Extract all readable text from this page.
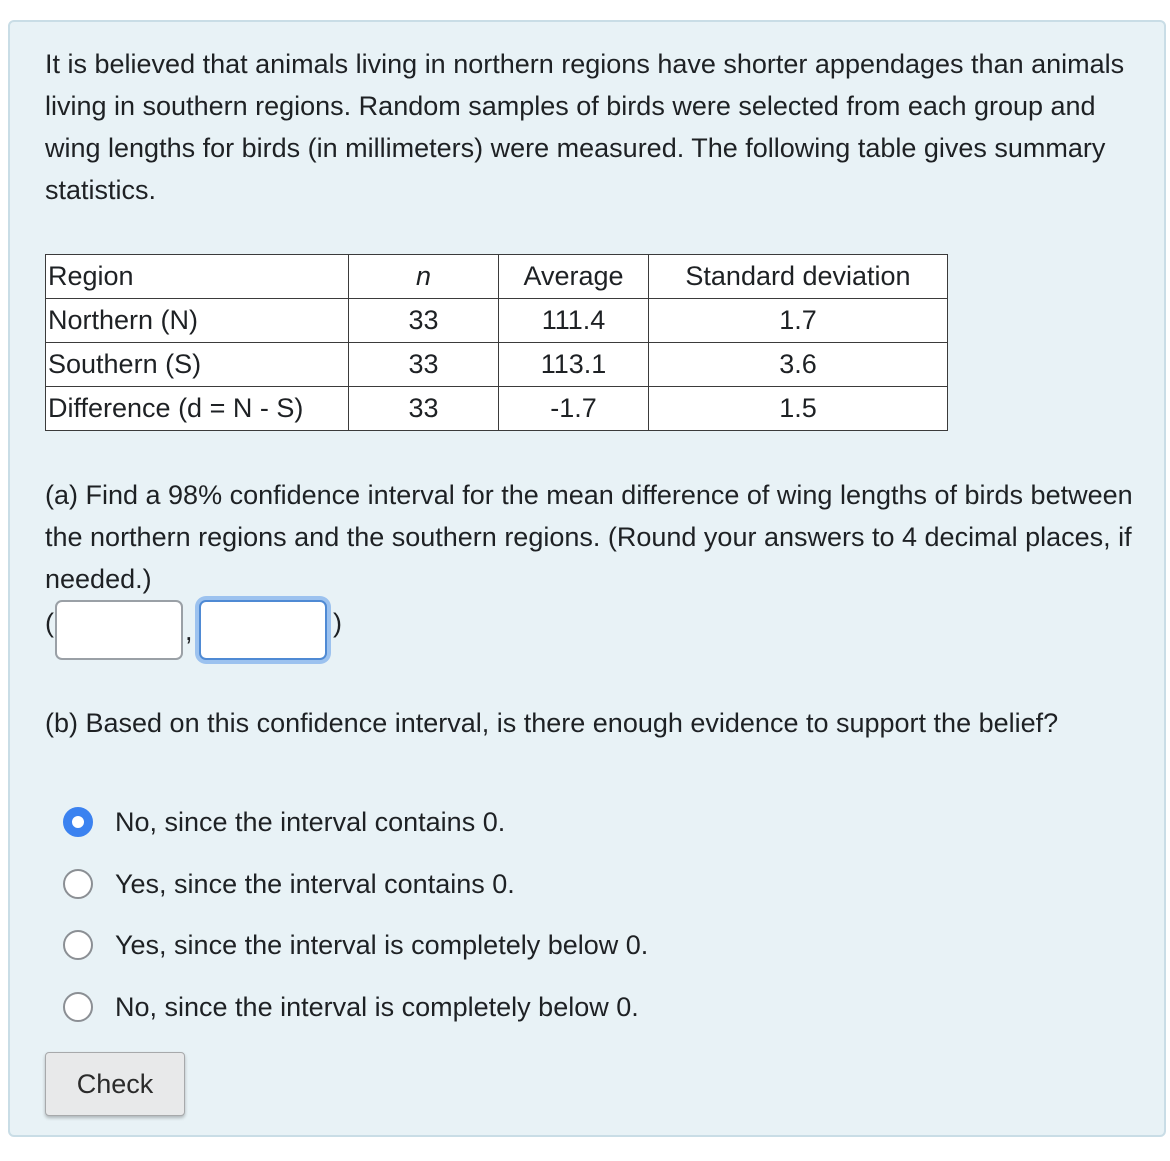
It is believed that animals living in northern regions have shorter appendages than animals living in southern regions. Random samples of birds were selected from each group and wing lengths for birds (in millimeters) were measured. The following table gives summary statistics.

Region	n	Average	Standard deviation
Northern (N)	33	111.4	1.7
Southern (S)	33	113.1	3.6
Difference (d = N - S)	33	-1.7	1.5

(a) Find a 98% confidence interval for the mean difference of wing lengths of birds between the northern regions and the southern regions. (Round your answers to 4 decimal places, if needed.)

(	,	)

(b) Based on this confidence interval, is there enough evidence to support the belief?

No, since the interval contains 0.
Yes, since the interval contains 0.
Yes, since the interval is completely below 0.
No, since the interval is completely below 0.
Check
